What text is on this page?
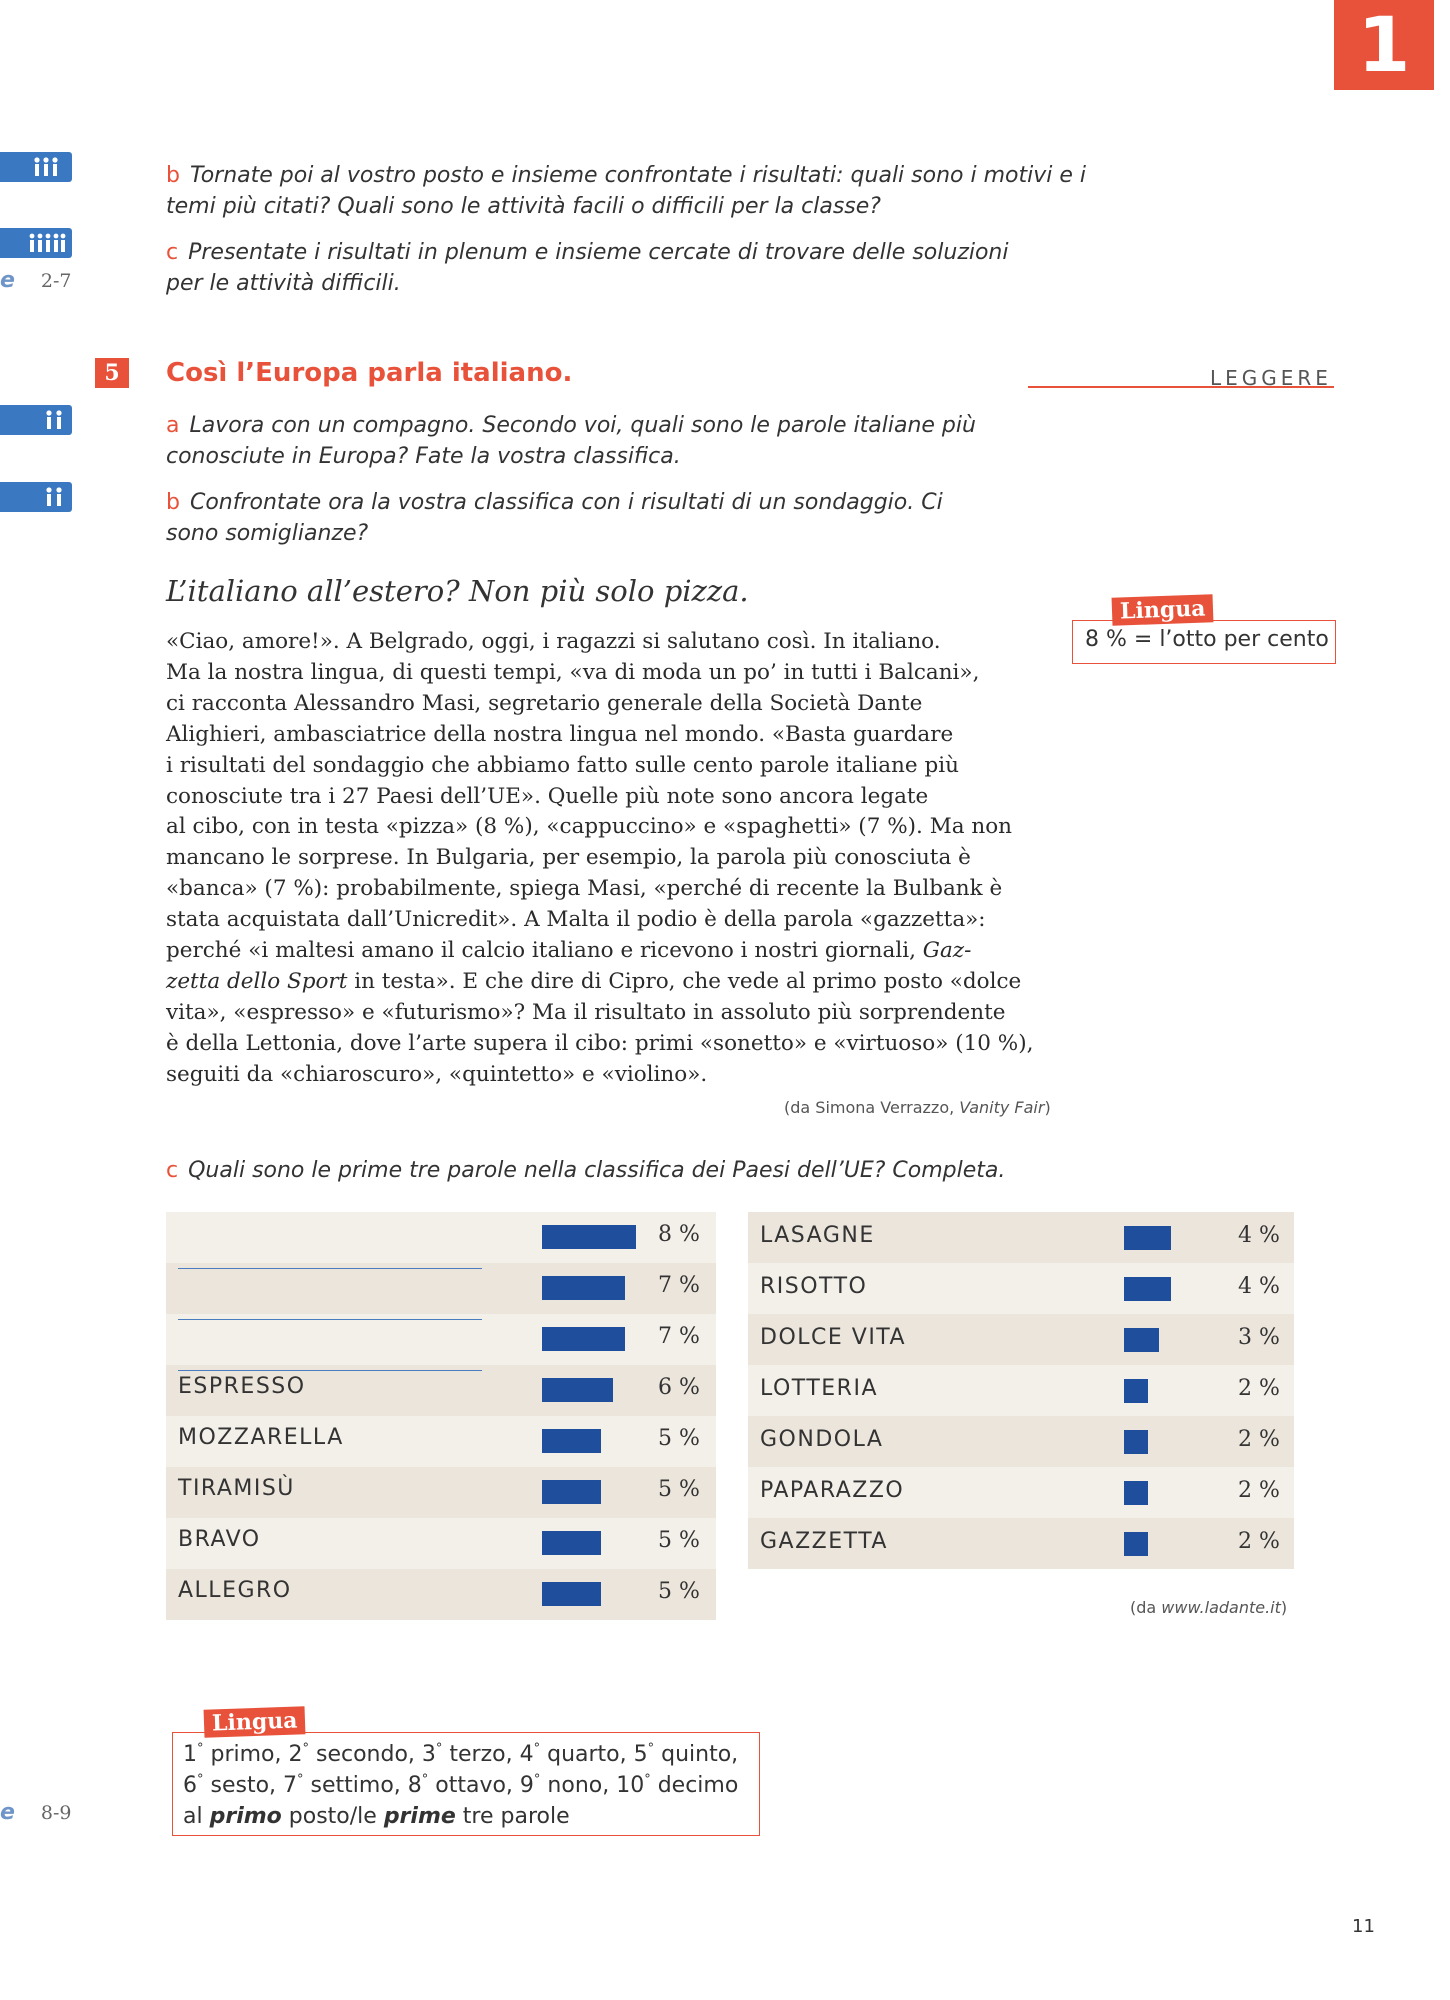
1
e 2-7
e 8-9
b Tornate poi al vostro posto e insieme confrontate i risultati: quali sono i motivi e i temi più citati? Quali sono le attività facili o difficili per la classe?
c Presentate i risultati in plenum e insieme cercate di trovare delle soluzioni per le attività difficili.
5	Così l’Europa parla italiano.	LEGGERE
a Lavora con un compagno. Secondo voi, quali sono le parole italiane più conosciute in Europa? Fate la vostra classifica.
b Confrontate ora la vostra classifica con i risultati di un sondaggio. Ci sono somiglianze?
L’italiano all’estero? Non più solo pizza.
«Ciao, amore!». A Belgrado, oggi, i ragazzi si salutano così. In italiano.
Ma la nostra lingua, di questi tempi, «va di moda un po’ in tutti i Balcani»,
ci racconta Alessandro Masi, segretario generale della Società Dante
Alighieri, ambasciatrice della nostra lingua nel mondo. «Basta guardare
i risultati del sondaggio che abbiamo fatto sulle cento parole italiane più
conosciute tra i 27 Paesi dell’UE». Quelle più note sono ancora legate
al cibo, con in testa «pizza» (8 %), «cappuccino» e «spaghetti» (7 %). Ma non
mancano le sorprese. In Bulgaria, per esempio, la parola più conosciuta è
«banca» (7 %): probabilmente, spiega Masi, «perché di recente la Bulbank è
stata acquistata dall’Unicredit». A Malta il podio è della parola «gazzetta»:
perché «i maltesi amano il calcio italiano e ricevono i nostri giornali, Gaz-
zetta dello Sport in testa». E che dire di Cipro, che vede al primo posto «dolce
vita», «espresso» e «futurismo»? Ma il risultato in assoluto più sorprendente
è della Lettonia, dove l’arte supera il cibo: primi «sonetto» e «virtuoso» (10 %),
seguiti da «chiaroscuro», «quintetto» e «violino».
(da Simona Verrazzo, Vanity Fair)
8 % = l’otto per cento
Lingua
c Quali sono le prime tre parole nella classifica dei Paesi dell’UE? Completa.
ESPRESSO
MOZZARELLA
TIRAMISÙ
BRAVO
ALLEGRO
8 %
7 %
7 %
6 %
5 %
5 %
5 %
5 %
LASAGNE
RISOTTO
DOLCE VITA
LOTTERIA
GONDOLA
PAPARAZZO
GAZZETTA
4 %
4 %
3 %
2 %
2 %
2 %
2 %
(da www.ladante.it)
1° primo, 2° secondo, 3° terzo, 4° quarto, 5° quinto,
6° sesto, 7° settimo, 8° ottavo, 9° nono, 10° decimo
al primo posto/le prime tre parole
Lingua
11
